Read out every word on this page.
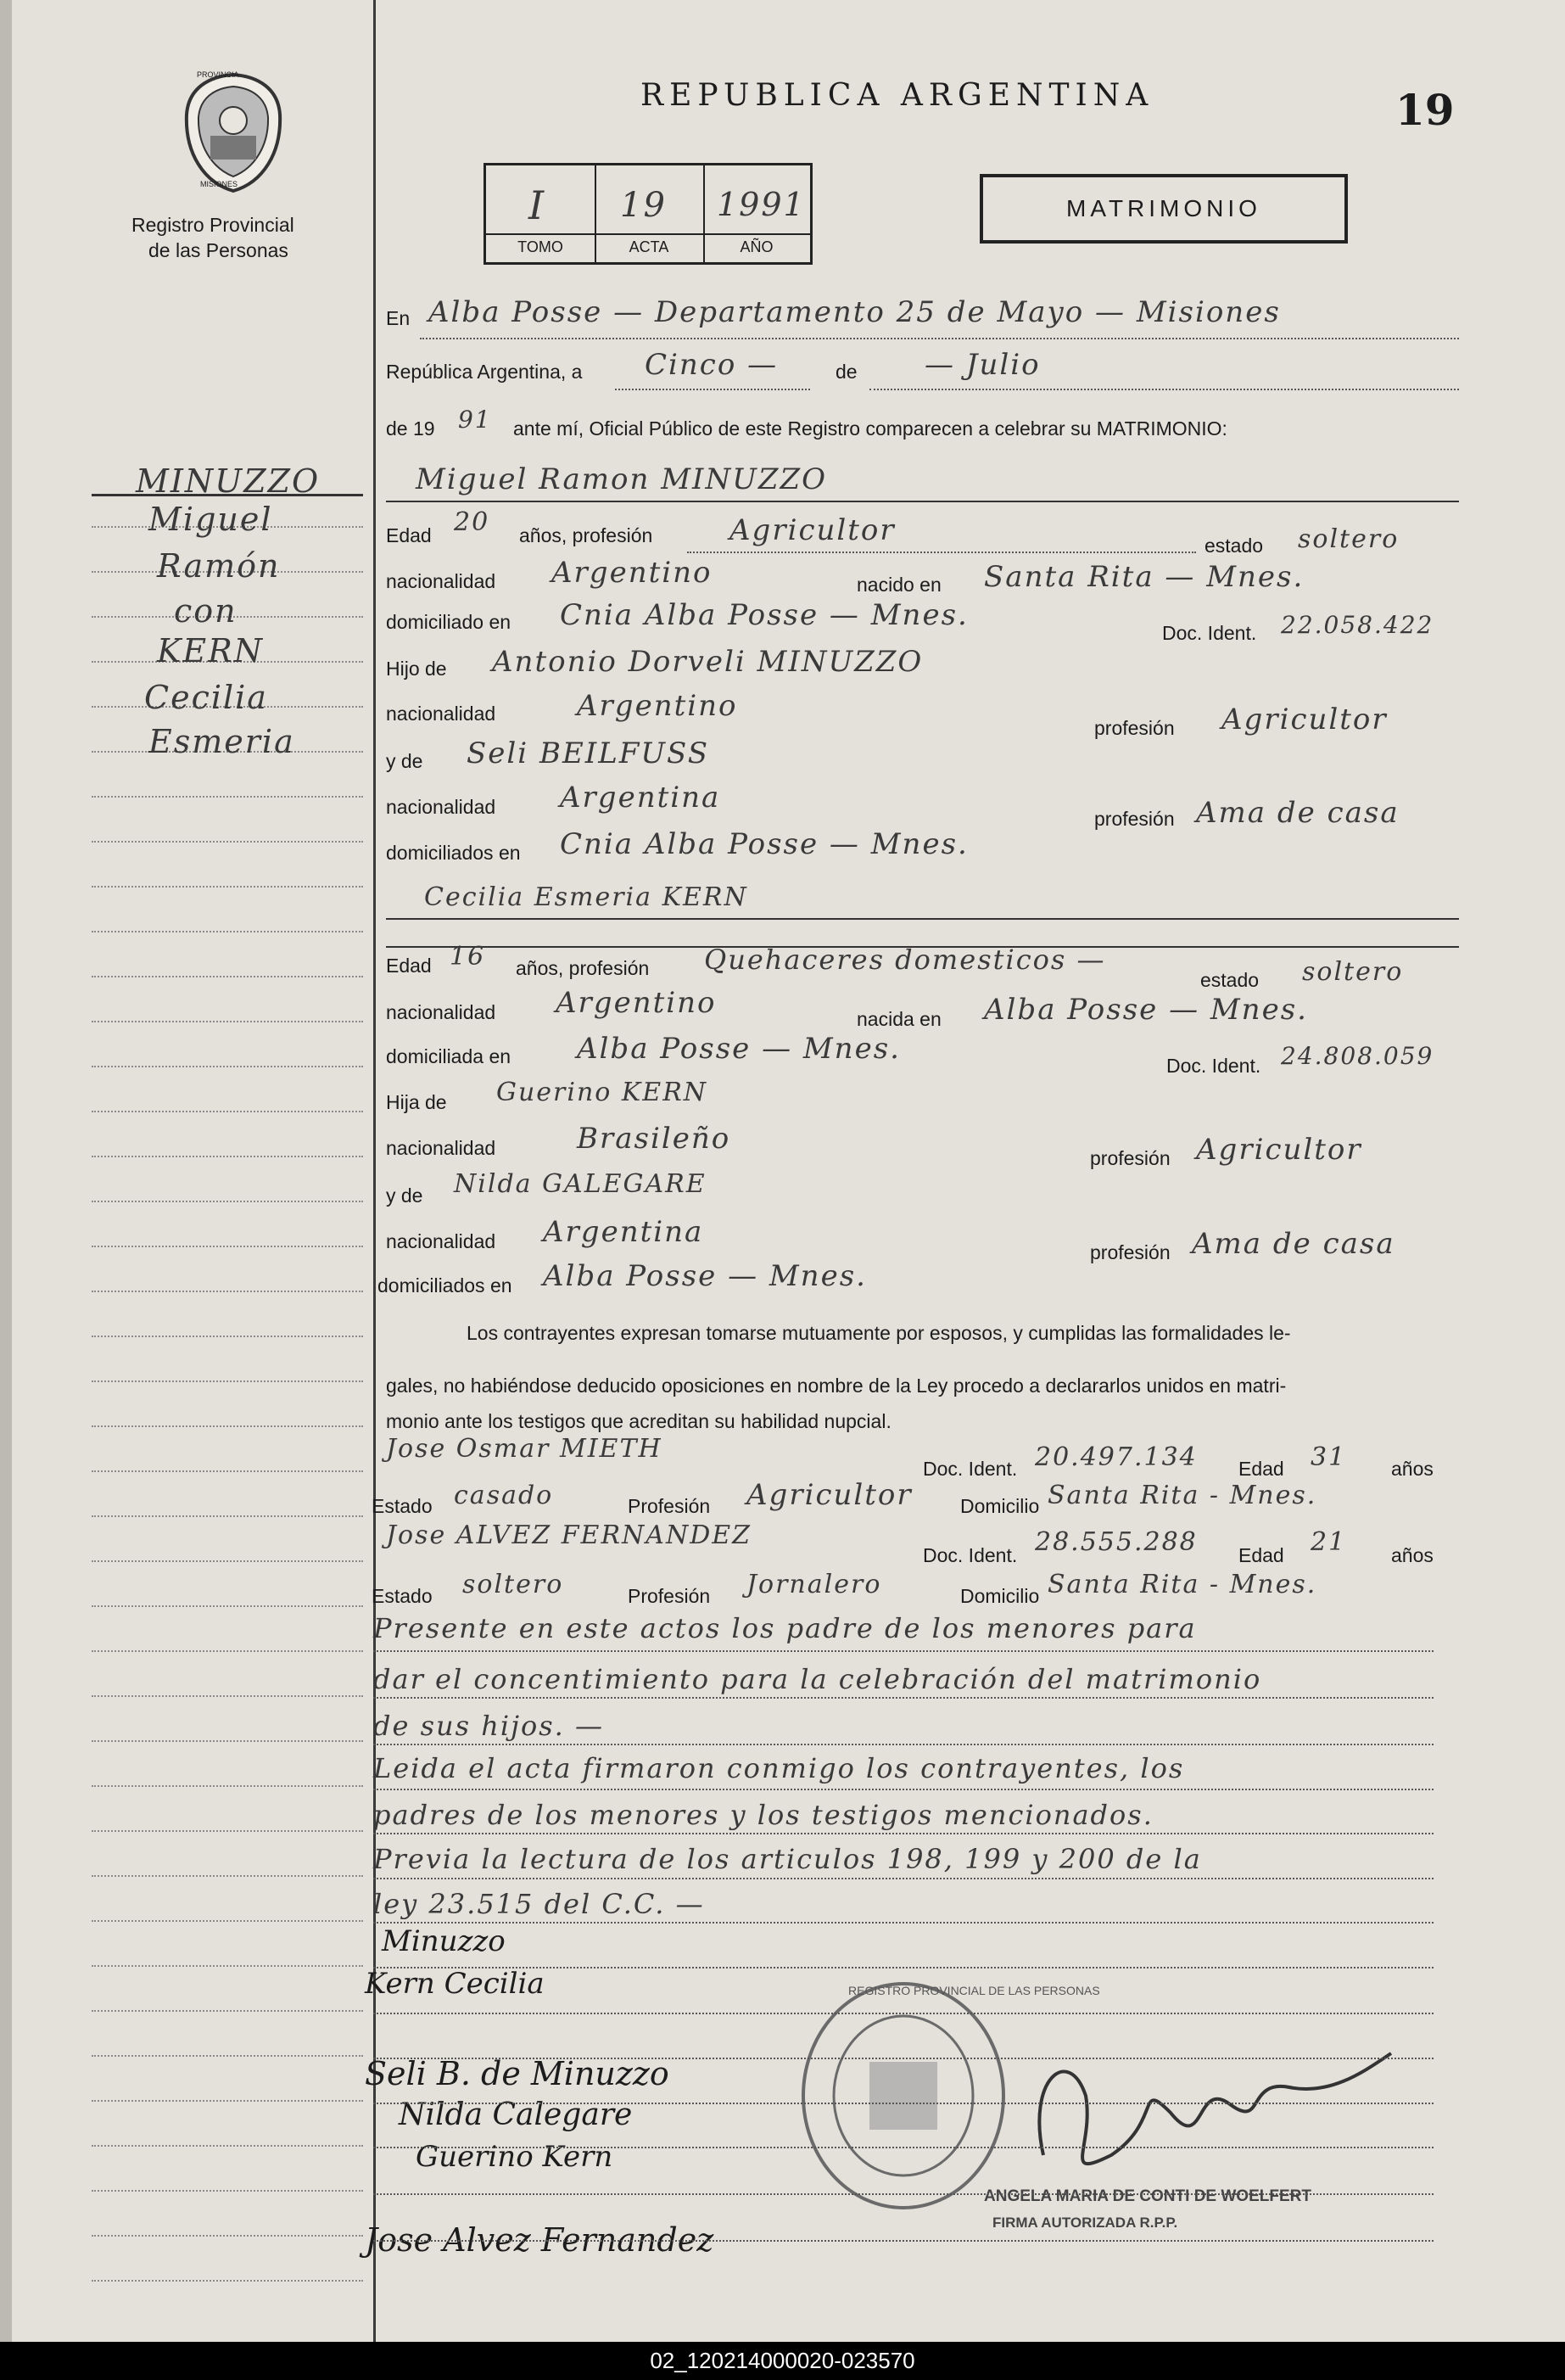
PROVINCIA
MISIONES
Registro Provincial
de las Personas
REPUBLICA ARGENTINA	19
I
TOMO
19
ACTA
1991
AÑO
MATRIMONIO
MINUZZO
Miguel
Ramón
con
KERN
Cecilia
Esmeria
En Alba Posse — Departamento 25 de Mayo — Misiones
República Argentina, a Cinco —	de — Julio
de 19 91 ante mí, Oficial Público de este Registro comparecen a celebrar su MATRIMONIO:
Miguel Ramon MINUZZO
Edad 20 años, profesión	Agricultor	estado soltero
nacionalidad Argentino	nacido en Santa Rita — Mnes.
domiciliado en Cnia Alba Posse — Mnes.
Doc. Ident. 22.058.422
Hijo de Antonio Dorveli MINUZZO
nacionalidad	Argentino
profesión Agricultor
y de Seli BEILFUSS
nacionalidad Argentina
profesión Ama de casa
domiciliados en Cnia Alba Posse — Mnes.
Cecilia Esmeria KERN
Edad 16 años, profesión Quehaceres domesticos —
estado soltero
nacionalidad Argentino	nacida en Alba Posse — Mnes.
domiciliada en Alba Posse — Mnes.	Doc. Ident. 24.808.059
Hija de Guerino KERN
nacionalidad	Brasileño
profesión Agricultor
y de Nilda GALEGARE
nacionalidad Argentina
profesión Ama de casa
domiciliados en Alba Posse — Mnes.
Los contrayentes expresan tomarse mutuamente por esposos, y cumplidas las formalidades le-
gales, no habiéndose deducido oposiciones en nombre de la Ley procedo a declararlos unidos en matri-
monio ante los testigos que acreditan su habilidad nupcial.
Jose Osmar MIETH
Doc. Ident. 20.497.134 Edad 31 años
Estado casado	Profesión Agricultor Domicilio Santa Rita - Mnes.
Jose ALVEZ FERNANDEZ
Doc. Ident. 28.555.288 Edad 21 años
Estado soltero	Profesión Jornalero	Domicilio Santa Rita - Mnes.
Presente en este actos los padre de los menores para
dar el concentimiento para la celebración del matrimonio
de sus hijos. —
Leida el acta firmaron conmigo los contrayentes, los
padres de los menores y los testigos mencionados.
Previa la lectura de los articulos 198, 199 y 200 de la
ley 23.515 del C.C. —
Minuzzo
Kern Cecilia
Seli B. de Minuzzo
Nilda Calegare
Guerino Kern
Jose Alvez Fernandez
REGISTRO PROVINCIAL DE LAS PERSONAS
ANGELA MARIA DE CONTI DE WOELFERT
FIRMA AUTORIZADA R.P.P.
02_120214000020-023570
